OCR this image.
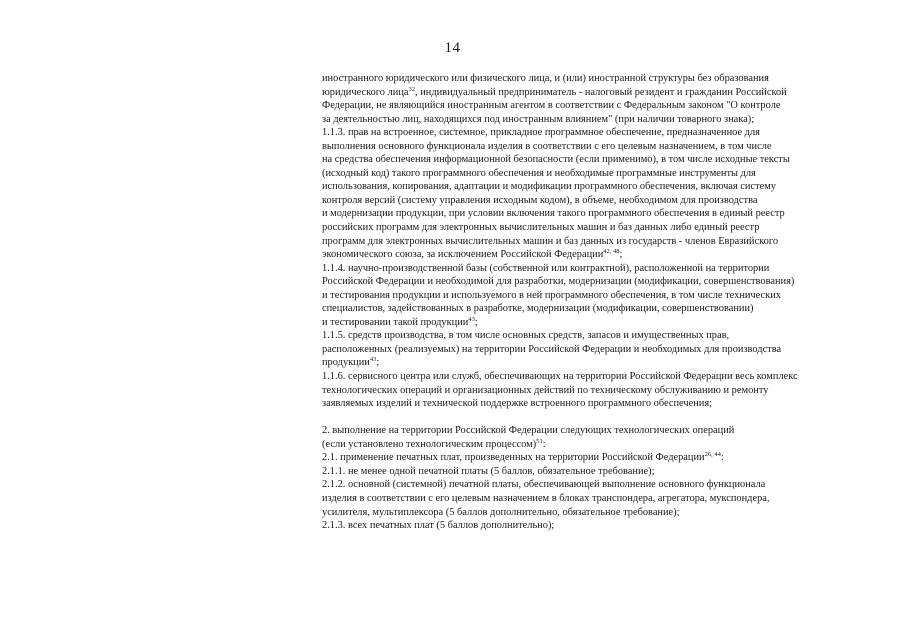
14
иностранного юридического или физического лица, и (или) иностранной структуры без образования
юридического лица$^{32}$, индивидуальный предприниматель - налоговый резидент и гражданин Российской
Федерации, не являющийся иностранным агентом в соответствии с Федеральным законом "О контроле
за деятельностью лиц, находящихся под иностранным влиянием" (при наличии товарного знака);
1.1.3. прав на встроенное, системное, прикладное программное обеспечение, предназначенное для
выполнения основного функционала изделия в соответствии с его целевым назначением, в том числе
на средства обеспечения информационной безопасности (если применимо), в том числе исходные тексты
(исходный код) такого программного обеспечения и необходимые программные инструменты для
использования, копирования, адаптации и модификации программного обеспечения, включая систему
контроля версий (систему управления исходным кодом), в объеме, необходимом для производства
и модернизации продукции, при условии включения такого программного обеспечения в единый реестр
российских программ для электронных вычислительных машин и баз данных либо единый реестр
программ для электронных вычислительных машин и баз данных из государств - членов Евразийского
экономического союза, за исключением Российской Федерации$^{42, 48}$;
1.1.4. научно-производственной базы (собственной или контрактной), расположенной на территории
Российской Федерации и необходимой для разработки, модернизации (модификации, совершенствования)
и тестирования продукции и используемого в ней программного обеспечения, в том числе технических
специалистов, задействованных в разработке, модернизации (модификации, совершенствовании)
и тестировании такой продукции$^{43}$;
1.1.5. средств производства, в том числе основных средств, запасов и имущественных прав,
расположенных (реализуемых) на территории Российской Федерации и необходимых для производства
продукции$^{43}$;
1.1.6. сервисного центра или служб, обеспечивающих на территории Российской Федерации весь комплекс
технологических операций и организационных действий по техническому обслуживанию и ремонту
заявляемых изделий и технической поддержке встроенного программного обеспечения;
2. выполнение на территории Российской Федерации следующих технологических операций
(если установлено технологическим процессом)$^{51}$:
2.1. применение печатных плат, произведенных на территории Российской Федерации$^{26, 44}$:
2.1.1. не менее одной печатной платы (5 баллов, обязательное требование);
2.1.2. основной (системной) печатной платы, обеспечивающей выполнение основного функционала
изделия в соответствии с его целевым назначением в блоках транспондера, агрегатора, мукспондера,
усилителя, мультиплексора (5 баллов дополнительно, обязательное требование);
2.1.3. всех печатных плат (5 баллов дополнительно);
